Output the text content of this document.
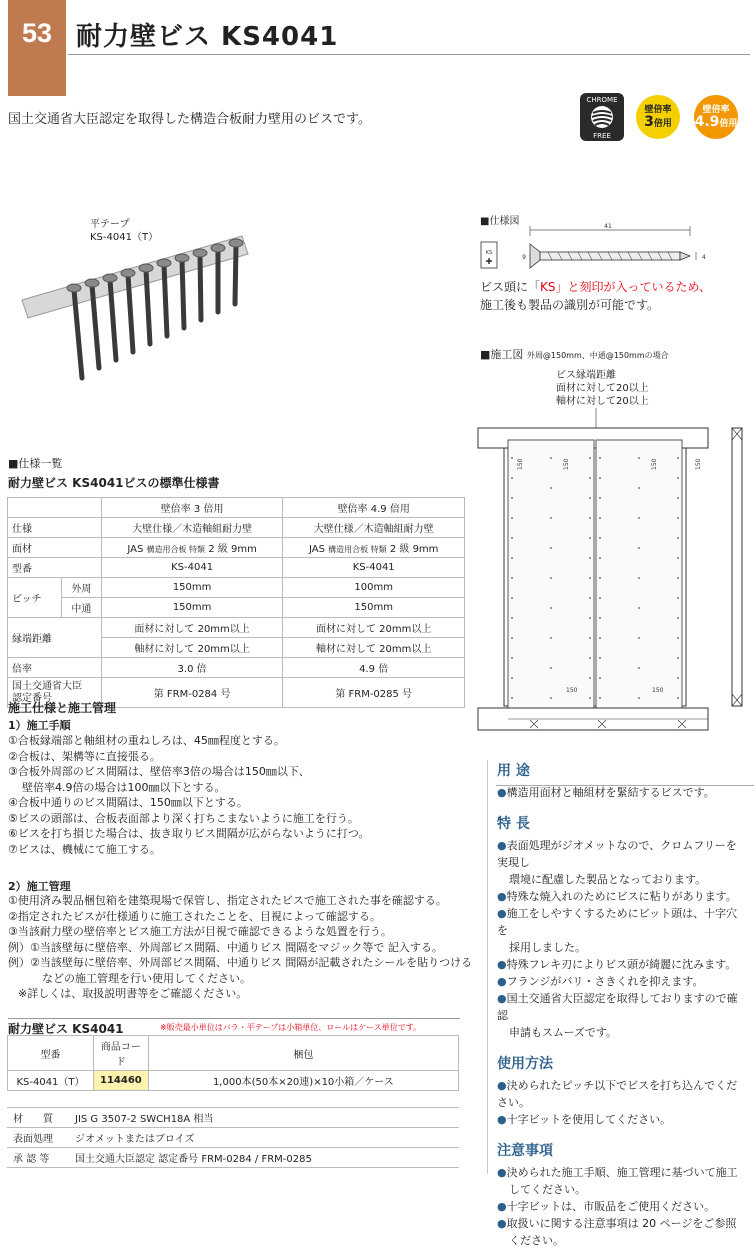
53 耐力壁ビス KS4041
国土交通省大臣認定を取得した構造合板耐力壁用のビスです。
CHROME
FREE
壁倍率
3倍用
壁倍率
4.9倍用
平テープ
KS-4041（T）
■仕様図	41
KS
✚	9	4
ビス頭に「KS」と刻印が入っているため、
施工後も製品の識別が可能です。
■施工図 外周@150mm、中通@150mmの場合
ビス縁端距離
面材に対して20以上
軸材に対して20以上
150	150	150	150
150	150
■仕様一覧
耐力壁ビス KS4041ビスの標準仕様書
		壁倍率 3 倍用	壁倍率 4.9 倍用
仕様		大壁仕様／木造軸組耐力壁	大壁仕様／木造軸組耐力壁
面材		JAS 構造用合板 特類 2 級 9mm	JAS 構造用合板 特類 2 級 9mm
型番		KS-4041	KS-4041
ピッチ	外周	150mm	100mm
	中通	150mm	150mm
縁端距離		面材に対して 20mm以上	面材に対して 20mm以上
		軸材に対して 20mm以上	軸材に対して 20mm以上
倍率		3.0 倍	4.9 倍

国土交通省大臣
認定番号		第 FRM-0284 号	第 FRM-0285 号
施工仕様と施工管理
1）施工手順
①合板縁端部と軸組材の重ねしろは、45㎜程度とする。
②合板は、架構等に直接張る。
③合板外周部のビス間隔は、壁倍率3倍の場合は150㎜以下、
壁倍率4.9倍の場合は100㎜以下とする。
④合板中通りのビス間隔は、150㎜以下とする。
⑤ビスの頭部は、合板表面部より深く打ちこまないように施工を行う。
⑥ビスを打ち損じた場合は、抜き取りビス間隔が広がらないように打つ。
⑦ビスは、機械にて施工する。
2）施工管理
①使用済み製品梱包箱を建築現場で保管し、指定されたビスで施工された事を確認する。
②指定されたビスが仕様通りに施工されたことを、目視によって確認する。
③当該耐力壁の壁倍率とビス施工方法が目視で確認できるような処置を行う。
例）①当該壁毎に壁倍率、外周部ビス間隔、中通りビス 間隔をマジック等で 記入する。
例）②当該壁毎に壁倍率、外周部ビス間隔、中通りビス 間隔が記載されたシールを貼りつける
などの施工管理を行い使用してください。
※詳しくは、取扱説明書等をご確認ください。
耐力壁ビス KS4041	※販売最小単位はバラ・平テープは小箱単位、ロールはケース単位です。
型番	商品コード	梱包
KS-4041（T）	114460	1,000本(50本×20連)×10小箱／ケース
材　　質	JIS G 3507-2 SWCH18A 相当
表面処理	ジオメットまたはブロイズ
承 認 等	国土交通大臣認定 認定番号 FRM-0284 / FRM-0285
用 途
●構造用面材と軸組材を緊結するビスです。
特 長
●表面処理がジオメットなので、クロムフリーを実現し
環境に配慮した製品となっております。
●特殊な焼入れのためにビスに粘りがあります。
●施工をしやすくするためにビット頭は、十字穴を
採用しました。
●特殊フレキ刃によりビス頭が綺麗に沈みます。
●フランジがバリ・さきくれを抑えます。
●国土交通省大臣認定を取得しておりますので確認
申請もスムーズです。
使用方法
●決められたピッチ以下でビスを打ち込んでください。
●十字ビットを使用してください。
注意事項
●決められた施工手順、施工管理に基づいて施工
してください。
●十字ビットは、市販品をご使用ください。
●取扱いに関する注意事項は 20 ページをご参照
ください。
